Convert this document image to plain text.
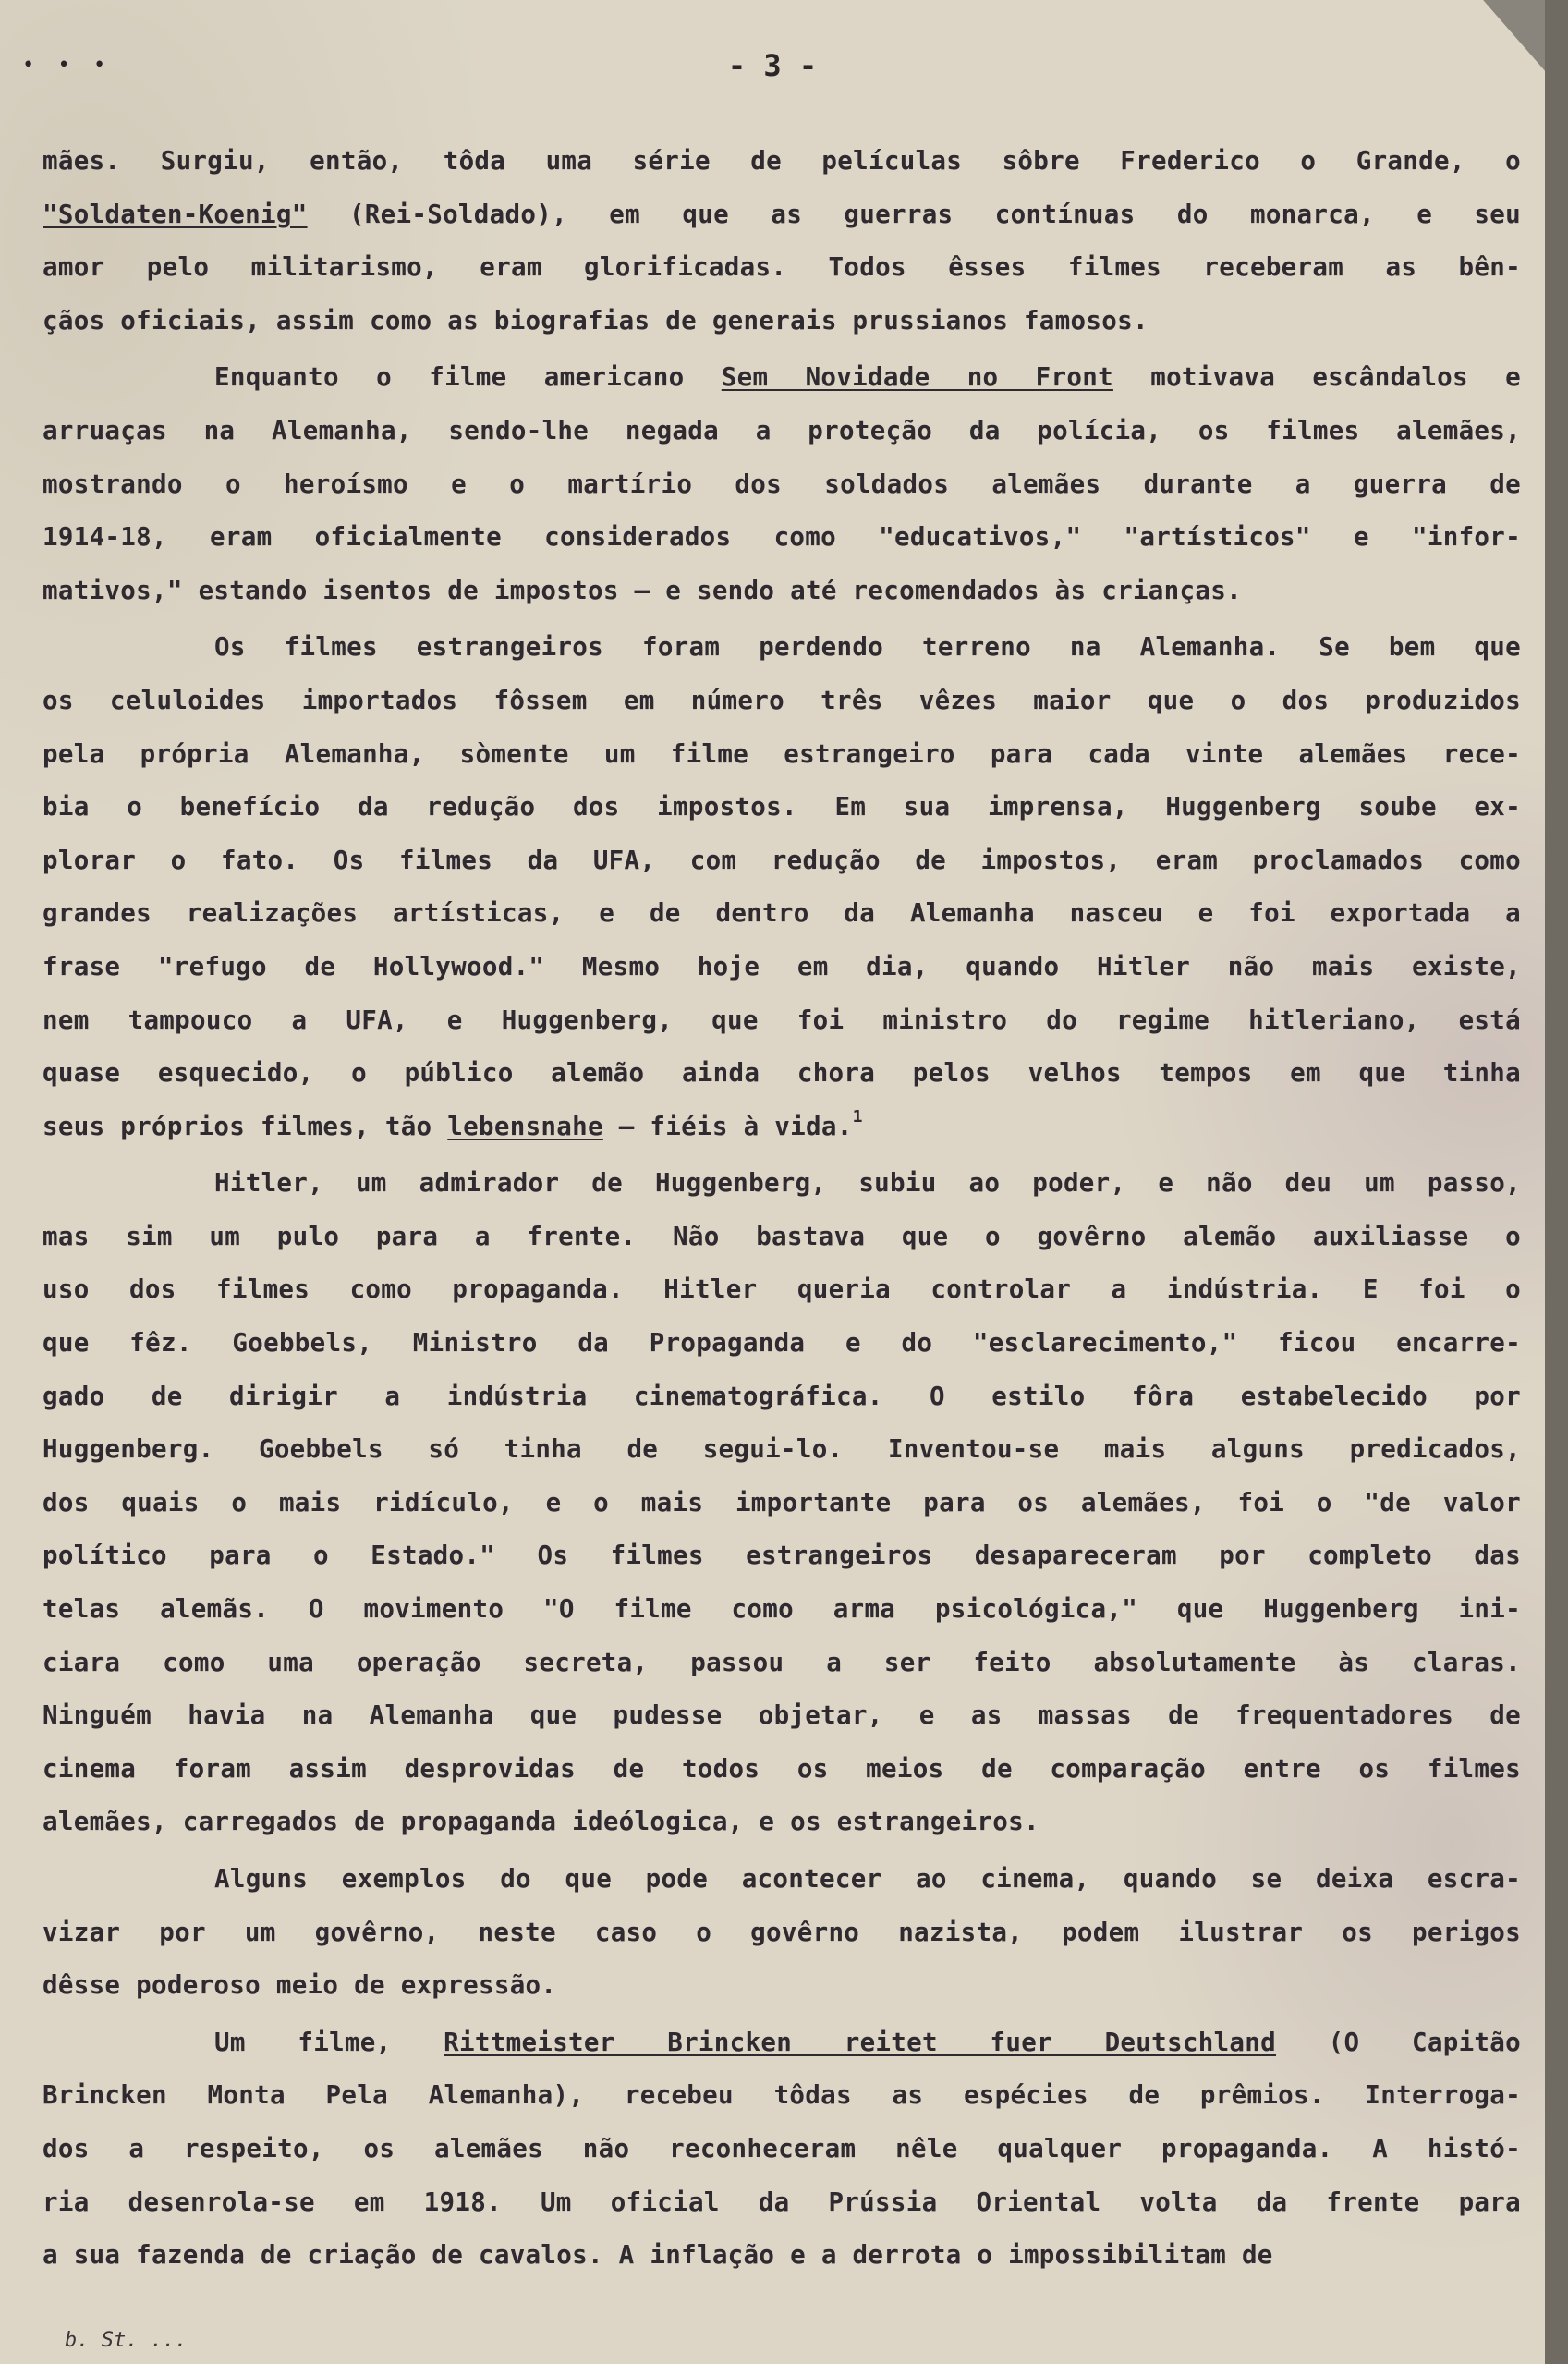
• • •	- 3 -

mães. Surgiu, então, tôda uma série de películas sôbre Frederico o Grande, o
"Soldaten-Koenig" (Rei-Soldado), em que as guerras contínuas do monarca, e seu
amor pelo militarismo, eram glorificadas. Todos êsses filmes receberam as bên-
çãos oficiais, assim como as biografias de generais prussianos famosos.

Enquanto o filme americano Sem Novidade no Front motivava escândalos e
arruaças na Alemanha, sendo-lhe negada a proteção da polícia, os filmes alemães,
mostrando o heroísmo e o martírio dos soldados alemães durante a guerra de
1914-18, eram oficialmente considerados como "educativos," "artísticos" e "infor-
mativos," estando isentos de impostos — e sendo até recomendados às crianças.

Os filmes estrangeiros foram perdendo terreno na Alemanha. Se bem que
os celuloides importados fôssem em número três vêzes maior que o dos produzidos
pela própria Alemanha, sòmente um filme estrangeiro para cada vinte alemães rece-
bia o benefício da redução dos impostos. Em sua imprensa, Huggenberg soube ex-
plorar o fato. Os filmes da UFA, com redução de impostos, eram proclamados como
grandes realizações artísticas, e de dentro da Alemanha nasceu e foi exportada a
frase "refugo de Hollywood." Mesmo hoje em dia, quando Hitler não mais existe,
nem tampouco a UFA, e Huggenberg, que foi ministro do regime hitleriano, está
quase esquecido, o público alemão ainda chora pelos velhos tempos em que tinha
seus próprios filmes, tão lebensnahe — fiéis à vida.$^1$

Hitler, um admirador de Huggenberg, subiu ao poder, e não deu um passo,
mas sim um pulo para a frente. Não bastava que o govêrno alemão auxiliasse o
uso dos filmes como propaganda. Hitler queria controlar a indústria. E foi o
que fêz. Goebbels, Ministro da Propaganda e do "esclarecimento," ficou encarre-
gado de dirigir a indústria cinematográfica. O estilo fôra estabelecido por
Huggenberg. Goebbels só tinha de segui-lo. Inventou-se mais alguns predicados,
dos quais o mais ridículo, e o mais importante para os alemães, foi o "de valor
político para o Estado." Os filmes estrangeiros desapareceram por completo das
telas alemãs. O movimento "O filme como arma psicológica," que Huggenberg ini-
ciara como uma operação secreta, passou a ser feito absolutamente às claras.
Ninguém havia na Alemanha que pudesse objetar, e as massas de frequentadores de
cinema foram assim desprovidas de todos os meios de comparação entre os filmes
alemães, carregados de propaganda ideólogica, e os estrangeiros.

Alguns exemplos do que pode acontecer ao cinema, quando se deixa escra-
vizar por um govêrno, neste caso o govêrno nazista, podem ilustrar os perigos
dêsse poderoso meio de expressão.

Um filme, Rittmeister Brincken reitet fuer Deutschland (O Capitão
Brincken Monta Pela Alemanha), recebeu tôdas as espécies de prêmios. Interroga-
dos a respeito, os alemães não reconheceram nêle qualquer propaganda. A histó-
ria desenrola-se em 1918. Um oficial da Prússia Oriental volta da frente para
a sua fazenda de criação de cavalos. A inflação e a derrota o impossibilitam de

b. St. ...
